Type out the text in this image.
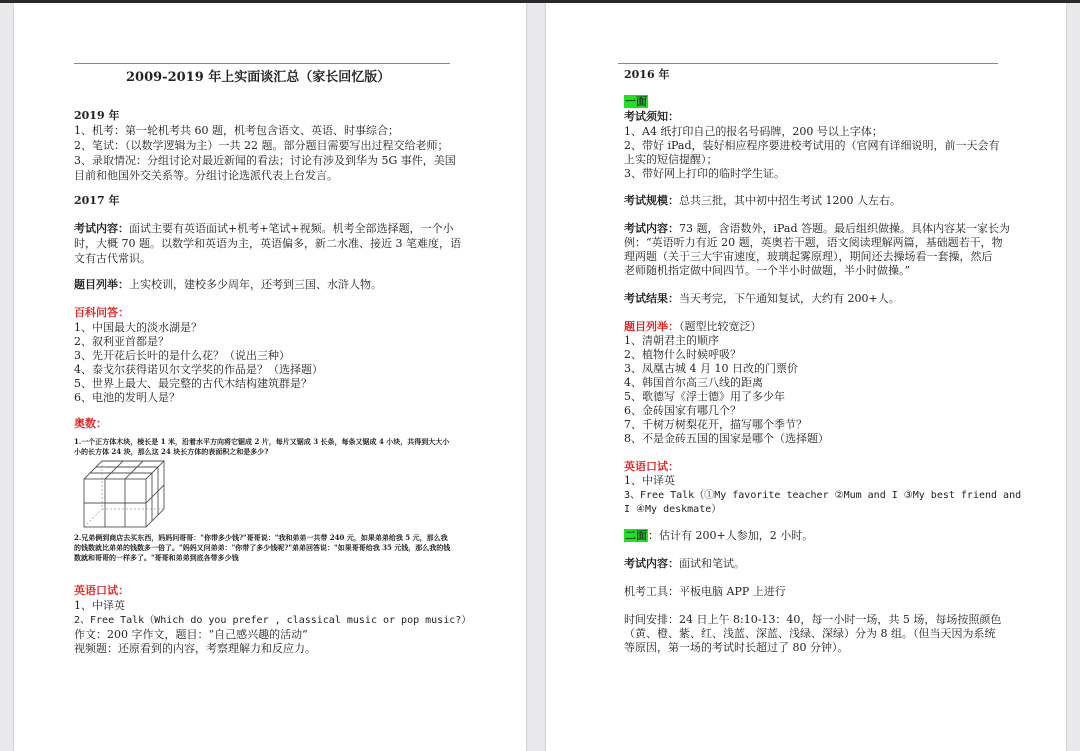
2009-2019 年上实面谈汇总（家长回忆版）
2019 年
1、机考：第一轮机考共 60 题，机考包含语文、英语、时事综合；
2、笔试：（以数学逻辑为主）一共 22 题。部分题目需要写出过程交给老师；
3、录取情况：分组讨论对最近新闻的看法；讨论有涉及到华为 5G 事件，美国
目前和他国外交关系等。分组讨论选派代表上台发言。
2017 年
考试内容：面试主要有英语面试+机考+笔试+视频。机考全部选择题，一个小
时，大概 70 题。以数学和英语为主，英语偏多，新二水准、接近 3 笔难度，语
文有古代常识。
题目列举：上实校训，建校多少周年，还考到三国、水浒人物。
百科问答：
1、中国最大的淡水湖是？
2、叙利亚首都是？
3、先开花后长叶的是什么花？（说出三种）
4、泰戈尔获得诺贝尔文学奖的作品是？（选择题）
5、世界上最大、最完整的古代木结构建筑群是？
6、电池的发明人是？
奥数：
1.一个正方体木块，棱长是 1 米，沿着水平方向将它锯成 2 片，每片又锯成 3 长条，每条又锯成 4 小块，共得到大大小小的长方体 24 块，那么这 24 块长方体的表面积之和是多少?
2.兄弟俩到商店去买东西，妈妈问哥哥："你带多少钱?"哥哥说："我和弟弟一共带 240 元，如果弟弟给我 5 元，那么我的钱数就比弟弟的钱数多一倍了。"妈妈又问弟弟："你带了多少钱呢?"弟弟回答说："如果哥哥给我 35 元钱，那么我的钱数就和哥哥的一样多了。"哥哥和弟弟到底各带多少钱
英语口试：
1、中译英
2、Free Talk（Which do you prefer , classical music or pop music?）
作文：200 字作文，题目：“自己感兴趣的活动”
视频题：还原看到的内容，考察理解力和反应力。
2016 年
一面
考试须知：
1、A4 纸打印自己的报名号码牌，200 号以上字体；
2、带好 iPad，装好相应程序要进校考试用的（官网有详细说明，前一天会有
上实的短信提醒）；
3、带好网上打印的临时学生证。
考试规模：总共三批，其中初中招生考试 1200 人左右。
考试内容：73 题，含语数外，iPad 答题。最后组织做操。具体内容某一家长为
例：“英语听力有近 20 题，英奥若干题，语文阅读理解两篇，基础题若干，物
理两题（关于三大宇宙速度，玻璃起雾原理），期间还去操场看一套操，然后
老师随机指定做中间四节。一个半小时做题，半小时做操。”
考试结果：当天考完，下午通知复试，大约有 200+人。
题目列举：（题型比较宽泛）
1、清朝君主的顺序
2、植物什么时候呼吸？
3、凤凰古城 4 月 10 日改的门票价
4、韩国首尔高三八线的距离
5、歌德写《浮士德》用了多少年
6、金砖国家有哪几个？
7、千树万树梨花开，描写哪个季节？
8、不是金砖五国的国家是哪个（选择题）
英语口试：
1、中译英
3、Free Talk（①My favorite teacher ②Mum and I ③My best friend and
I ④My deskmate）
二面：估计有 200+人参加，2 小时。
考试内容：面试和笔试。
机考工具：平板电脑 APP 上进行
时间安排：24 日上午 8:10-13：40，每一小时一场，共 5 场，每场按照颜色
（黄、橙、紫、红、浅蓝、深蓝、浅绿、深绿）分为 8 组。（但当天因为系统
等原因，第一场的考试时长超过了 80 分钟）。
